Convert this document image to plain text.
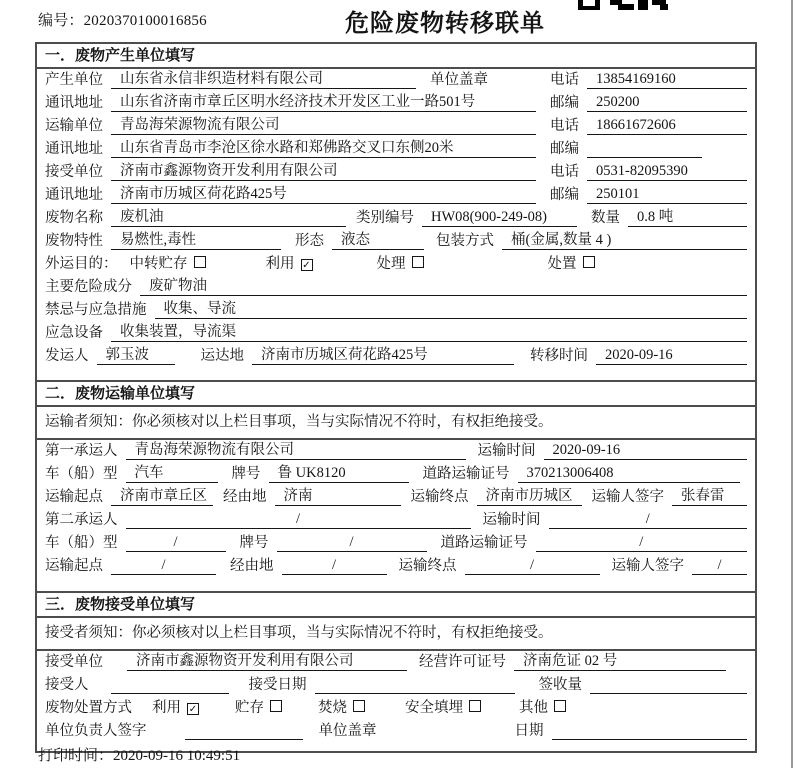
编号：2020370100016856	危险废物转移联单
一．废物产生单位填写
产生单位	山东省永信非织造材料有限公司	单位盖章	电话	13854169160
通讯地址	山东省济南市章丘区明水经济技术开发区工业一路501号	邮编	250200
运输单位	青岛海荣源物流有限公司	电话	18661672606
通讯地址	山东省青岛市李沧区徐水路和郑佛路交叉口东侧20米	邮编
接受单位	济南市鑫源物资开发利用有限公司	电话	0531-82095390
通讯地址	济南市历城区荷花路425号	邮编	250101
废物名称	废机油	类别编号	HW08(900-249-08)	数量	0.8 吨
废物特性	易燃性,毒性	形态	液态	包装方式	桶(金属,数量 4 )
外运目的： 中转贮存	利用 ✓	处理	处置
主要危险成分	废矿物油
禁忌与应急措施	收集、导流
应急设备	收集装置，导流渠
发运人	郭玉波	运达地	济南市历城区荷花路425号	转移时间	2020-09-16
二．废物运输单位填写
运输者须知：你必须核对以上栏目事项，当与实际情况不符时，有权拒绝接受。
第一承运人	青岛海荣源物流有限公司	运输时间	2020-09-16
车（船）型	汽车	牌号	鲁 UK8120	道路运输证号	370213006408
运输起点	济南市章丘区	经由地	济南	运输终点	济南市历城区	运输人签字	张春雷
第二承运人	/	运输时间	/
车（船）型	/	牌号	/	道路运输证号	/
运输起点	/	经由地	/	运输终点	/	运输人签字	/
三．废物接受单位填写
接受者须知：你必须核对以上栏目事项，当与实际情况不符时，有权拒绝接受。
接受单位	济南市鑫源物资开发利用有限公司	经营许可证号	济南危证 02 号
接受人	接受日期	签收量
废物处置方式 利用 ✓	贮存	焚烧	安全填埋	其他
单位负责人签字	单位盖章	日期
打印时间：2020-09-16 10:49:51
